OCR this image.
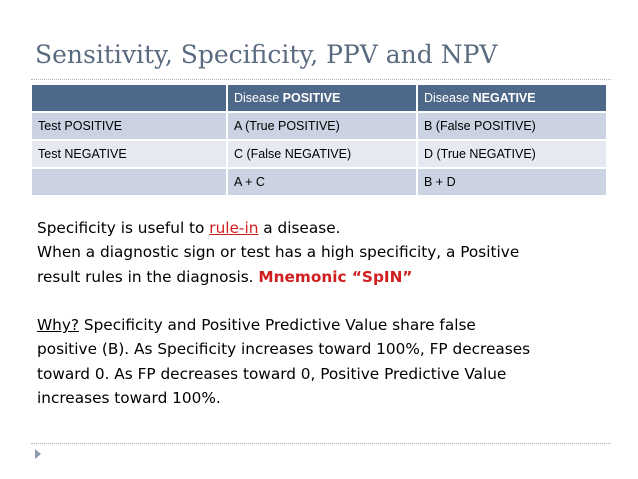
Sensitivity, Specificity, PPV and NPV
	Disease POSITIVE	Disease NEGATIVE
Test POSITIVE	A (True POSITIVE)	B (False POSITIVE)
Test NEGATIVE	C (False NEGATIVE)	D (True NEGATIVE)
	A + C	B + D

Specificity is useful to rule-in a disease.

When a diagnostic sign or test has a high specificity, a Positive
result rules in the diagnosis. Mnemonic “SpIN”

Why? Specificity and Positive Predictive Value share false
positive (B). As Specificity increases toward 100%, FP decreases
toward 0. As FP decreases toward 0, Positive Predictive Value
increases toward 100%.
